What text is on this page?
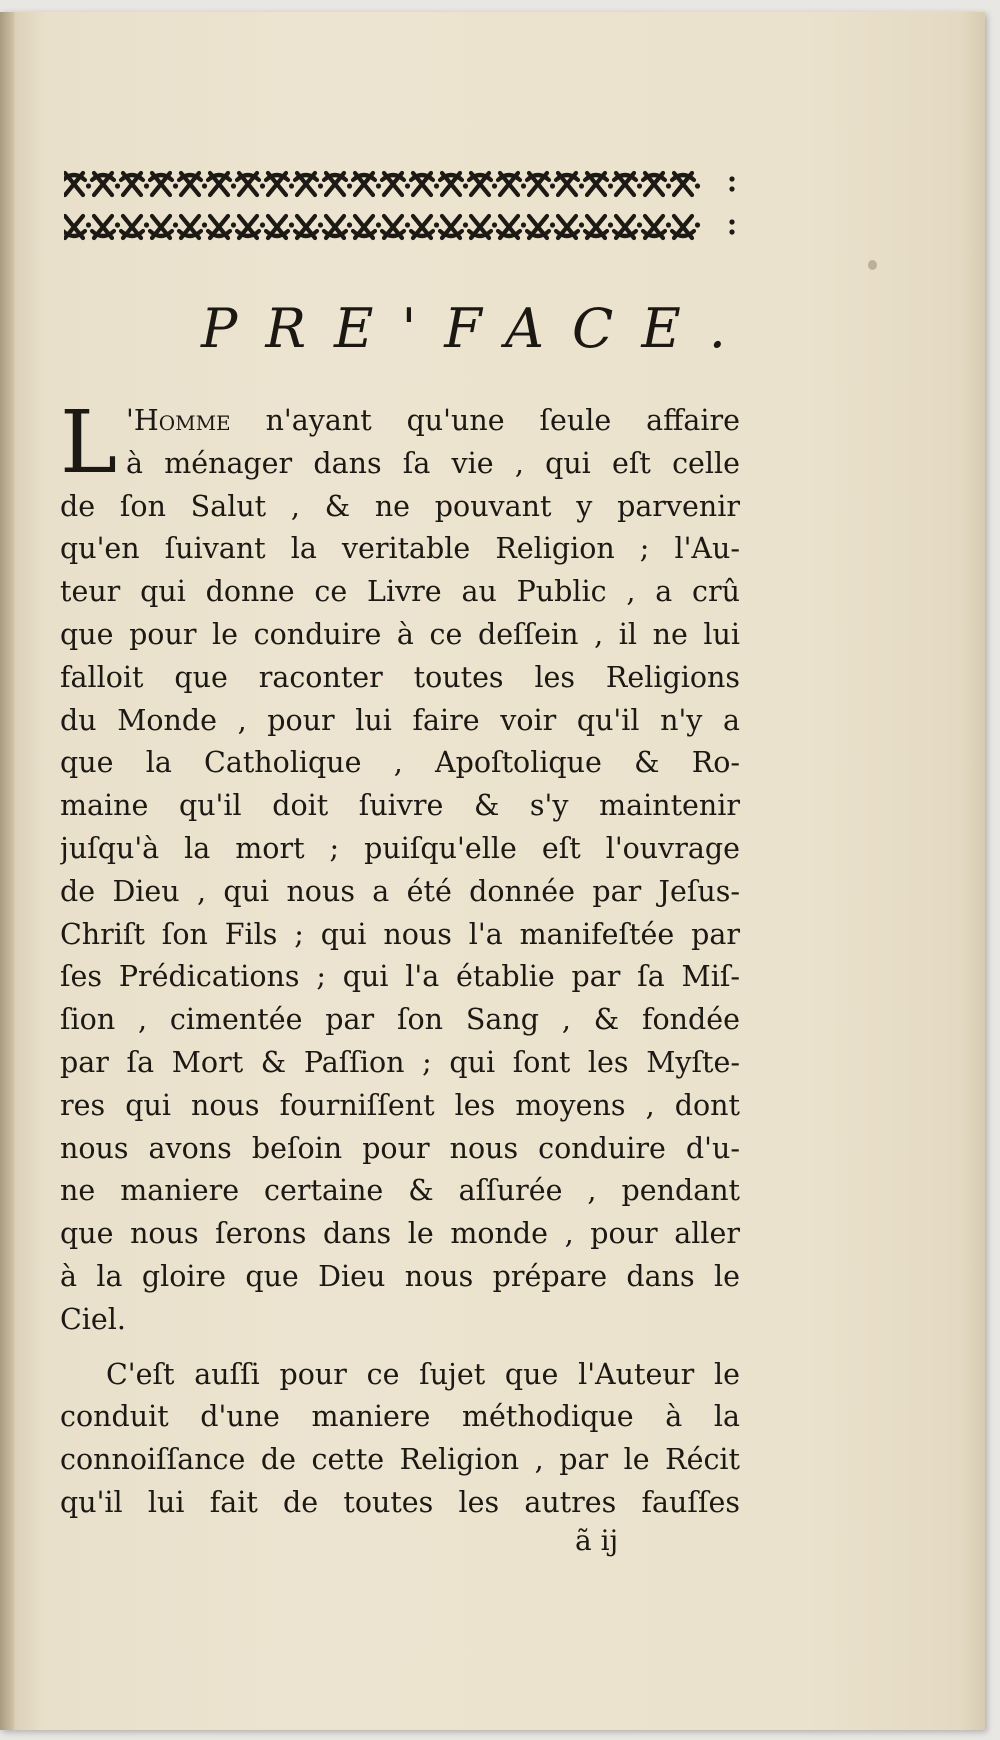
PRE'FACE.
L 'Homme n'ayant qu'une ſeule affaire
à ménager dans ſa vie , qui eſt celle
de ſon Salut , & ne pouvant y parvenir
qu'en ſuivant la veritable Religion ; l'Au-
teur qui donne ce Livre au Public , a crû
que pour le conduire à ce deſſein , il ne lui
falloit que raconter toutes les Religions
du Monde , pour lui faire voir qu'il n'y a
que la Catholique , Apoſtolique & Ro-
maine qu'il doit ſuivre & s'y maintenir
juſqu'à la mort ; puiſqu'elle eſt l'ouvrage
de Dieu , qui nous a été donnée par Jeſus-
Chriſt ſon Fils ; qui nous l'a manifeſtée par
ſes Prédications ; qui l'a établie par ſa Miſ-
ſion , cimentée par ſon Sang , & fondée
par ſa Mort & Paſſion ; qui ſont les Myſte-
res qui nous fourniſſent les moyens , dont
nous avons beſoin pour nous conduire d'u-
ne maniere certaine & aſſurée , pendant
que nous ſerons dans le monde , pour aller
à la gloire que Dieu nous prépare dans le
Ciel.
C'eſt auſſi pour ce ſujet que l'Auteur le
conduit d'une maniere méthodique à la
connoiſſance de cette Religion , par le Récit
qu'il lui fait de toutes les autres fauſſes
ã ij
